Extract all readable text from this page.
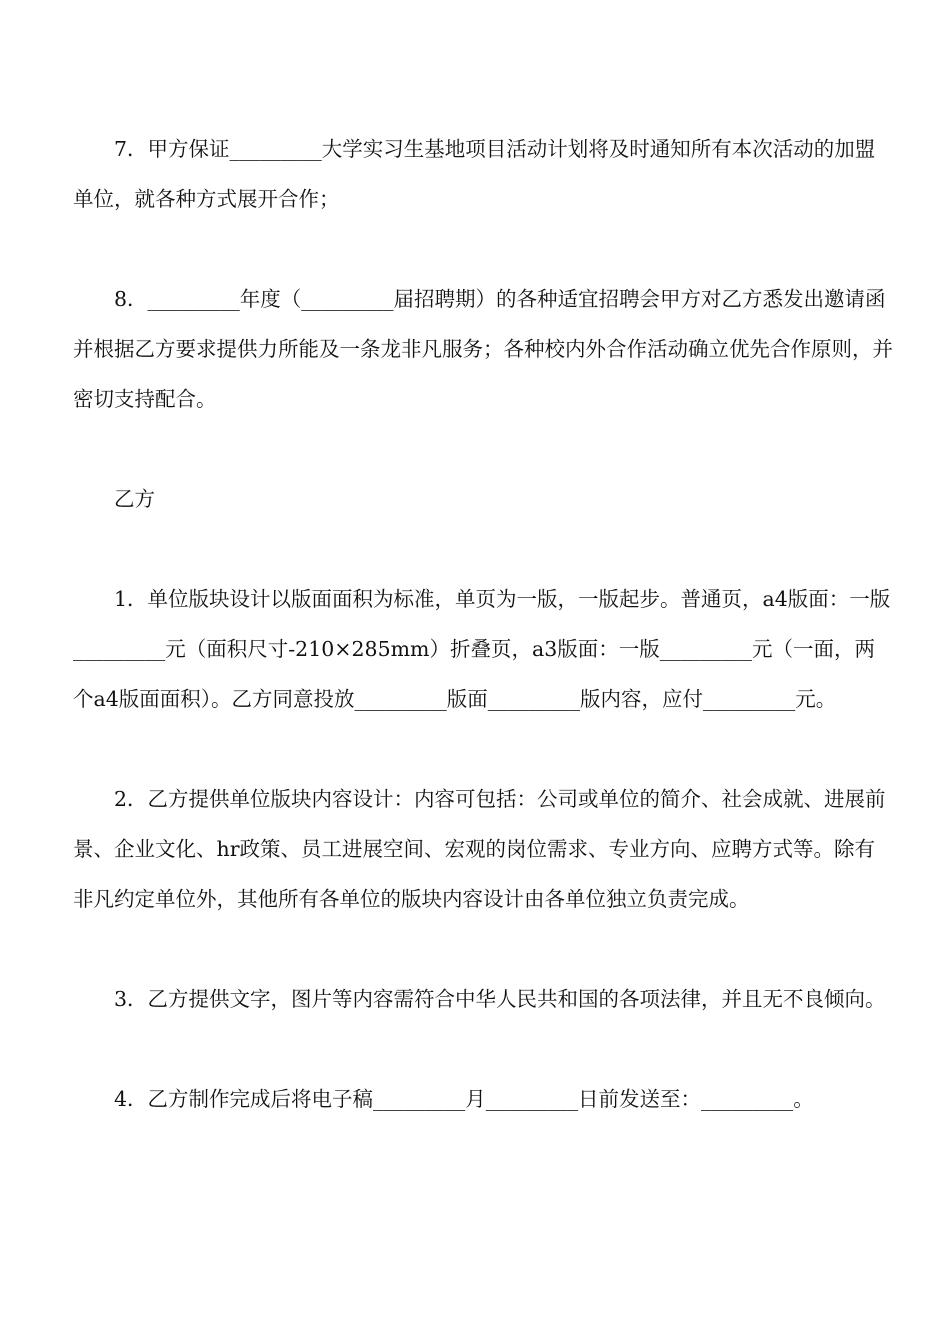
7．甲方保证_________大学实习生基地项目活动计划将及时通知所有本次活动的加盟单位，就各种方式展开合作；

8．_________年度（_________届招聘期）的各种适宜招聘会甲方对乙方悉发出邀请函并根据乙方要求提供力所能及一条龙非凡服务；各种校内外合作活动确立优先合作原则，并密切支持配合。

乙方

1．单位版块设计以版面面积为标准，单页为一版，一版起步。普通页，a4版面：一版_________元（面积尺寸-210×285mm）折叠页，a3版面：一版_________元（一面，两个a4版面面积）。乙方同意投放_________版面_________版内容，应付_________元。

2．乙方提供单位版块内容设计：内容可包括：公司或单位的简介、社会成就、进展前景、企业文化、hr政策、员工进展空间、宏观的岗位需求、专业方向、应聘方式等。除有非凡约定单位外，其他所有各单位的版块内容设计由各单位独立负责完成。

3．乙方提供文字，图片等内容需符合中华人民共和国的各项法律，并且无不良倾向。

4．乙方制作完成后将电子稿_________月_________日前发送至：_________。
